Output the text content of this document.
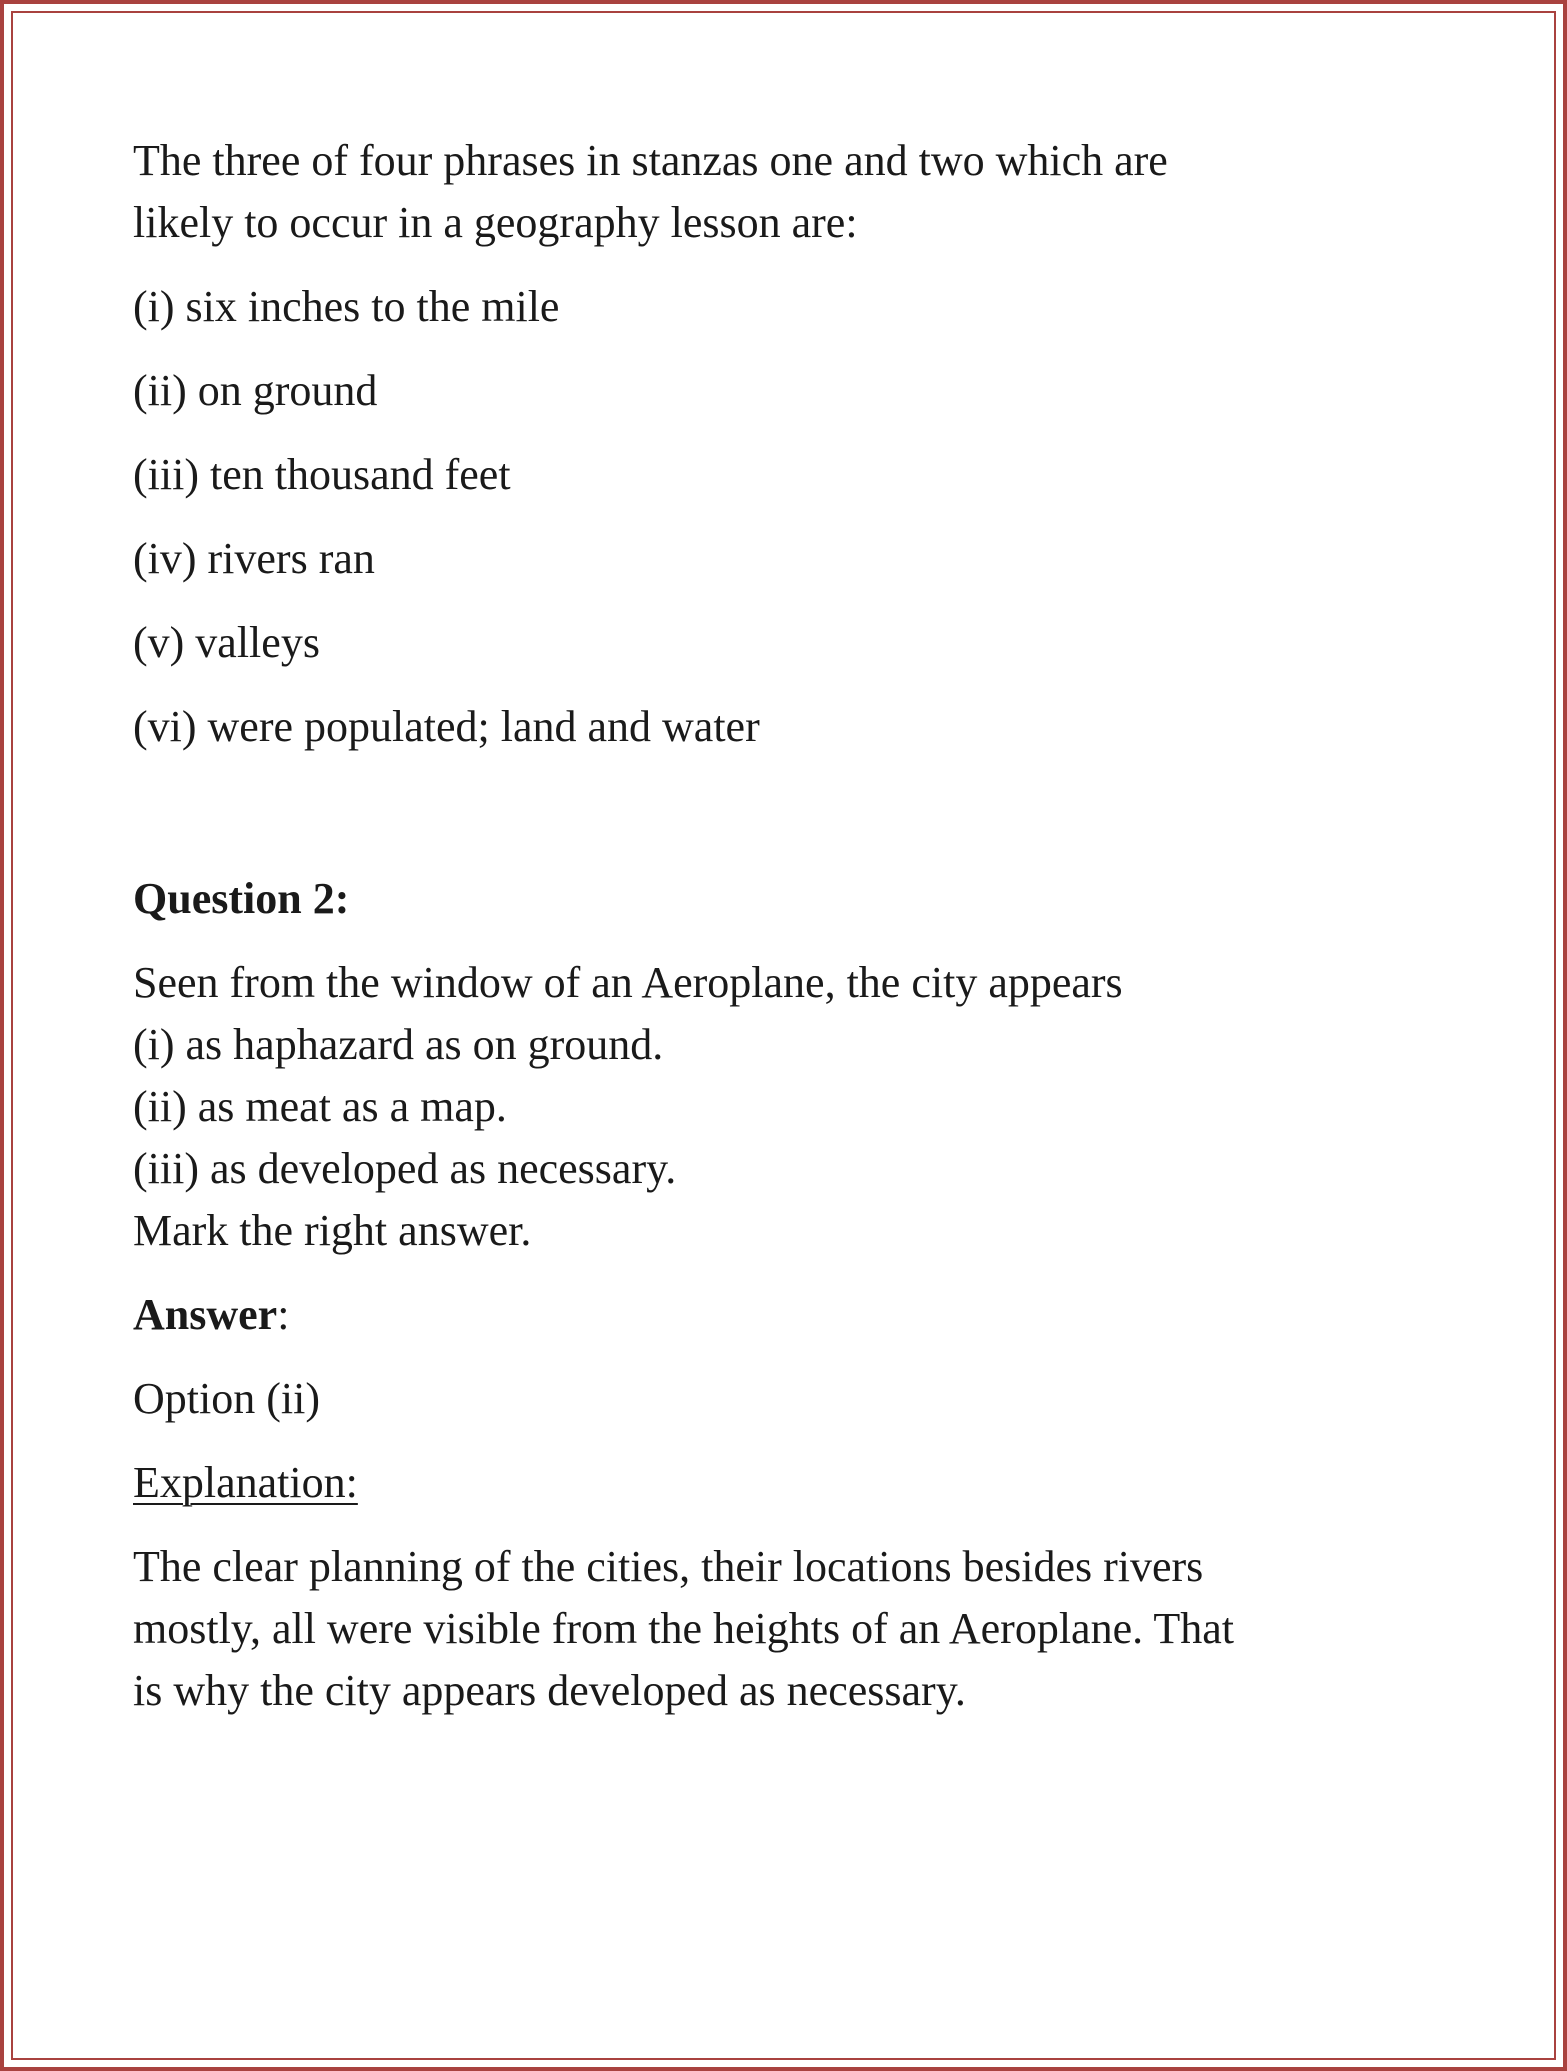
The three of four phrases in stanzas one and two which are

likely to occur in a geography lesson are:

(i) six inches to the mile

(ii) on ground

(iii) ten thousand feet

(iv) rivers ran

(v) valleys

(vi) were populated; land and water

Question 2:

Seen from the window of an Aeroplane, the city appears

(i) as haphazard as on ground.

(ii) as meat as a map.

(iii) as developed as necessary.

Mark the right answer.

Answer:

Option (ii)

Explanation:

The clear planning of the cities, their locations besides rivers

mostly, all were visible from the heights of an Aeroplane. That

is why the city appears developed as necessary.
